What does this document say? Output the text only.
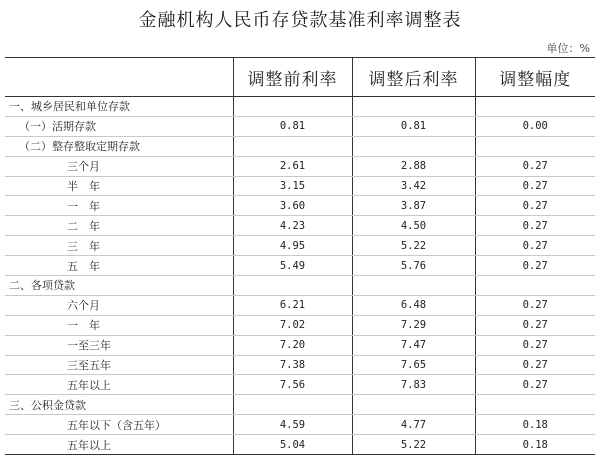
金融机构人民币存贷款基准利率调整表
单位：%
	调整前利率	调整后利率	调整幅度
一、城乡居民和单位存款			
（一）活期存款	0.81	0.81	0.00
（二）整存整取定期存款			
三个月	2.61	2.88	0.27
半　年	3.15	3.42	0.27
一　年	3.60	3.87	0.27
二　年	4.23	4.50	0.27
三　年	4.95	5.22	0.27
五　年	5.49	5.76	0.27
二、各项贷款			
六个月	6.21	6.48	0.27
一　年	7.02	7.29	0.27
一至三年	7.20	7.47	0.27
三至五年	7.38	7.65	0.27
五年以上	7.56	7.83	0.27
三、公积金贷款			
五年以下（含五年）	4.59	4.77	0.18
五年以上	5.04	5.22	0.18
